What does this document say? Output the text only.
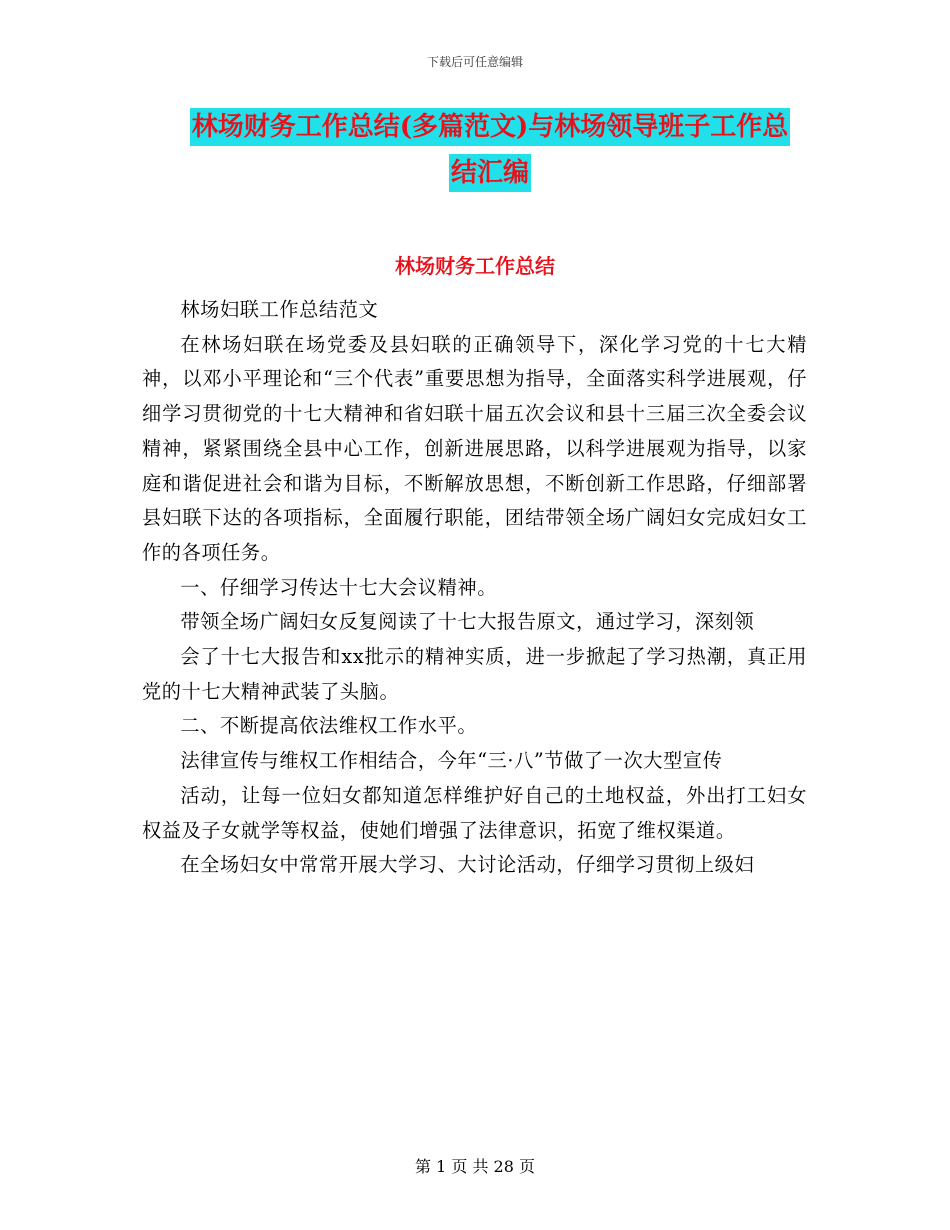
下载后可任意编辑
林场财务工作总结(多篇范文)与林场领导班子工作总
结汇编
林场财务工作总结

林场妇联工作总结范文

在林场妇联在场党委及县妇联的正确领导下，深化学习党的十七大精神，以邓小平理论和“三个代表”重要思想为指导，全面落实科学进展观，仔细学习贯彻党的十七大精神和省妇联十届五次会议和县十三届三次全委会议精神，紧紧围绕全县中心工作，创新进展思路，以科学进展观为指导，以家庭和谐促进社会和谐为目标，不断解放思想，不断创新工作思路，仔细部署县妇联下达的各项指标，全面履行职能，团结带领全场广阔妇女完成妇女工作的各项任务。

一、仔细学习传达十七大会议精神。

带领全场广阔妇女反复阅读了十七大报告原文，通过学习，深刻领

会了十七大报告和xx批示的精神实质，进一步掀起了学习热潮，真正用党的十七大精神武装了头脑。

二、不断提高依法维权工作水平。

法律宣传与维权工作相结合，今年“三·八”节做了一次大型宣传

活动，让每一位妇女都知道怎样维护好自己的土地权益，外出打工妇女权益及子女就学等权益，使她们增强了法律意识，拓宽了维权渠道。

在全场妇女中常常开展大学习、大讨论活动，仔细学习贯彻上级妇

第 1 页 共 28 页
